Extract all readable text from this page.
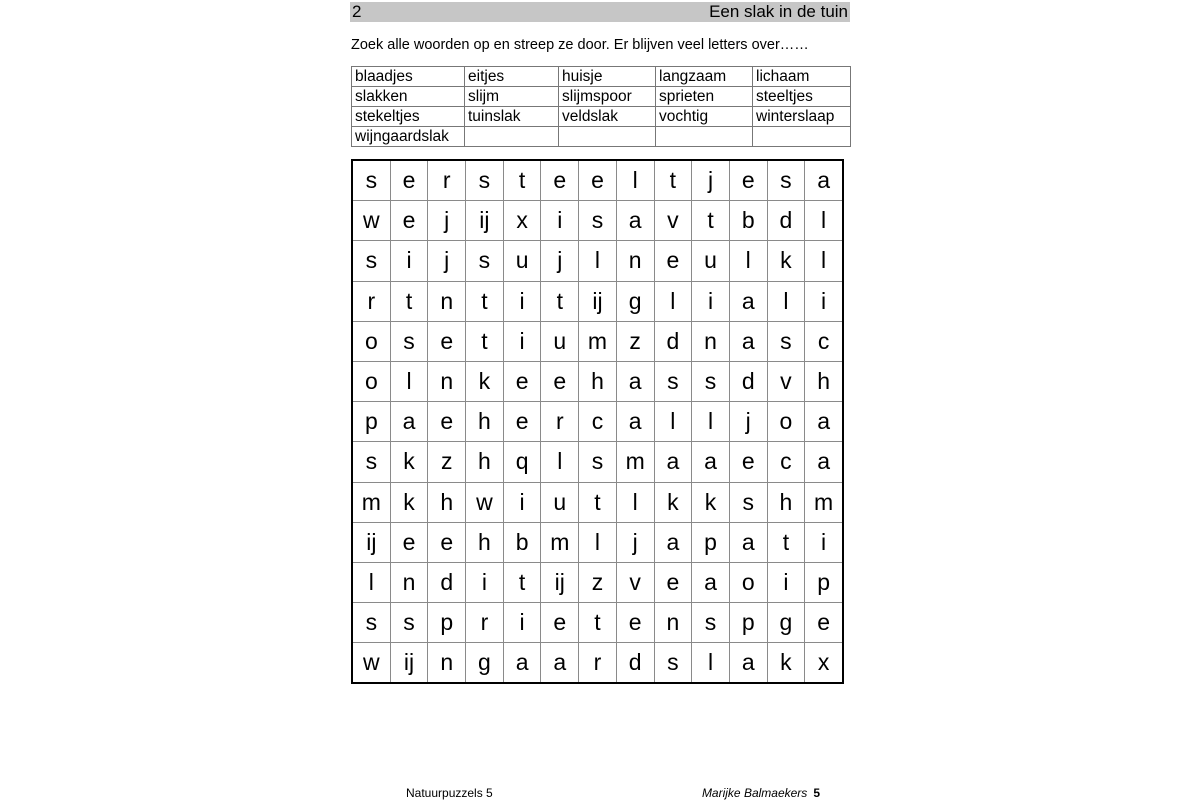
2	Een slak in de tuin
Zoek alle woorden op en streep ze door. Er blijven veel letters over……
blaadjes	eitjes	huisje	langzaam	lichaam
slakken	slijm	slijmspoor	sprieten	steeltjes
stekeltjes	tuinslak	veldslak	vochtig	winterslaap
wijngaardslak				
s	e	r	s	t	e	e	l	t	j	e	s	a
w	e	j	ij	x	i	s	a	v	t	b	d	l
s	i	j	s	u	j	l	n	e	u	l	k	l
r	t	n	t	i	t	ij	g	l	i	a	l	i
o	s	e	t	i	u	m	z	d	n	a	s	c
o	l	n	k	e	e	h	a	s	s	d	v	h
p	a	e	h	e	r	c	a	l	l	j	o	a
s	k	z	h	q	l	s	m	a	a	e	c	a
m	k	h	w	i	u	t	l	k	k	s	h	m
ij	e	e	h	b	m	l	j	a	p	a	t	i
l	n	d	i	t	ij	z	v	e	a	o	i	p
s	s	p	r	i	e	t	e	n	s	p	g	e
w	ij	n	g	a	a	r	d	s	l	a	k	x
Natuurpuzzels 5	Marijke Balmaekers 5
